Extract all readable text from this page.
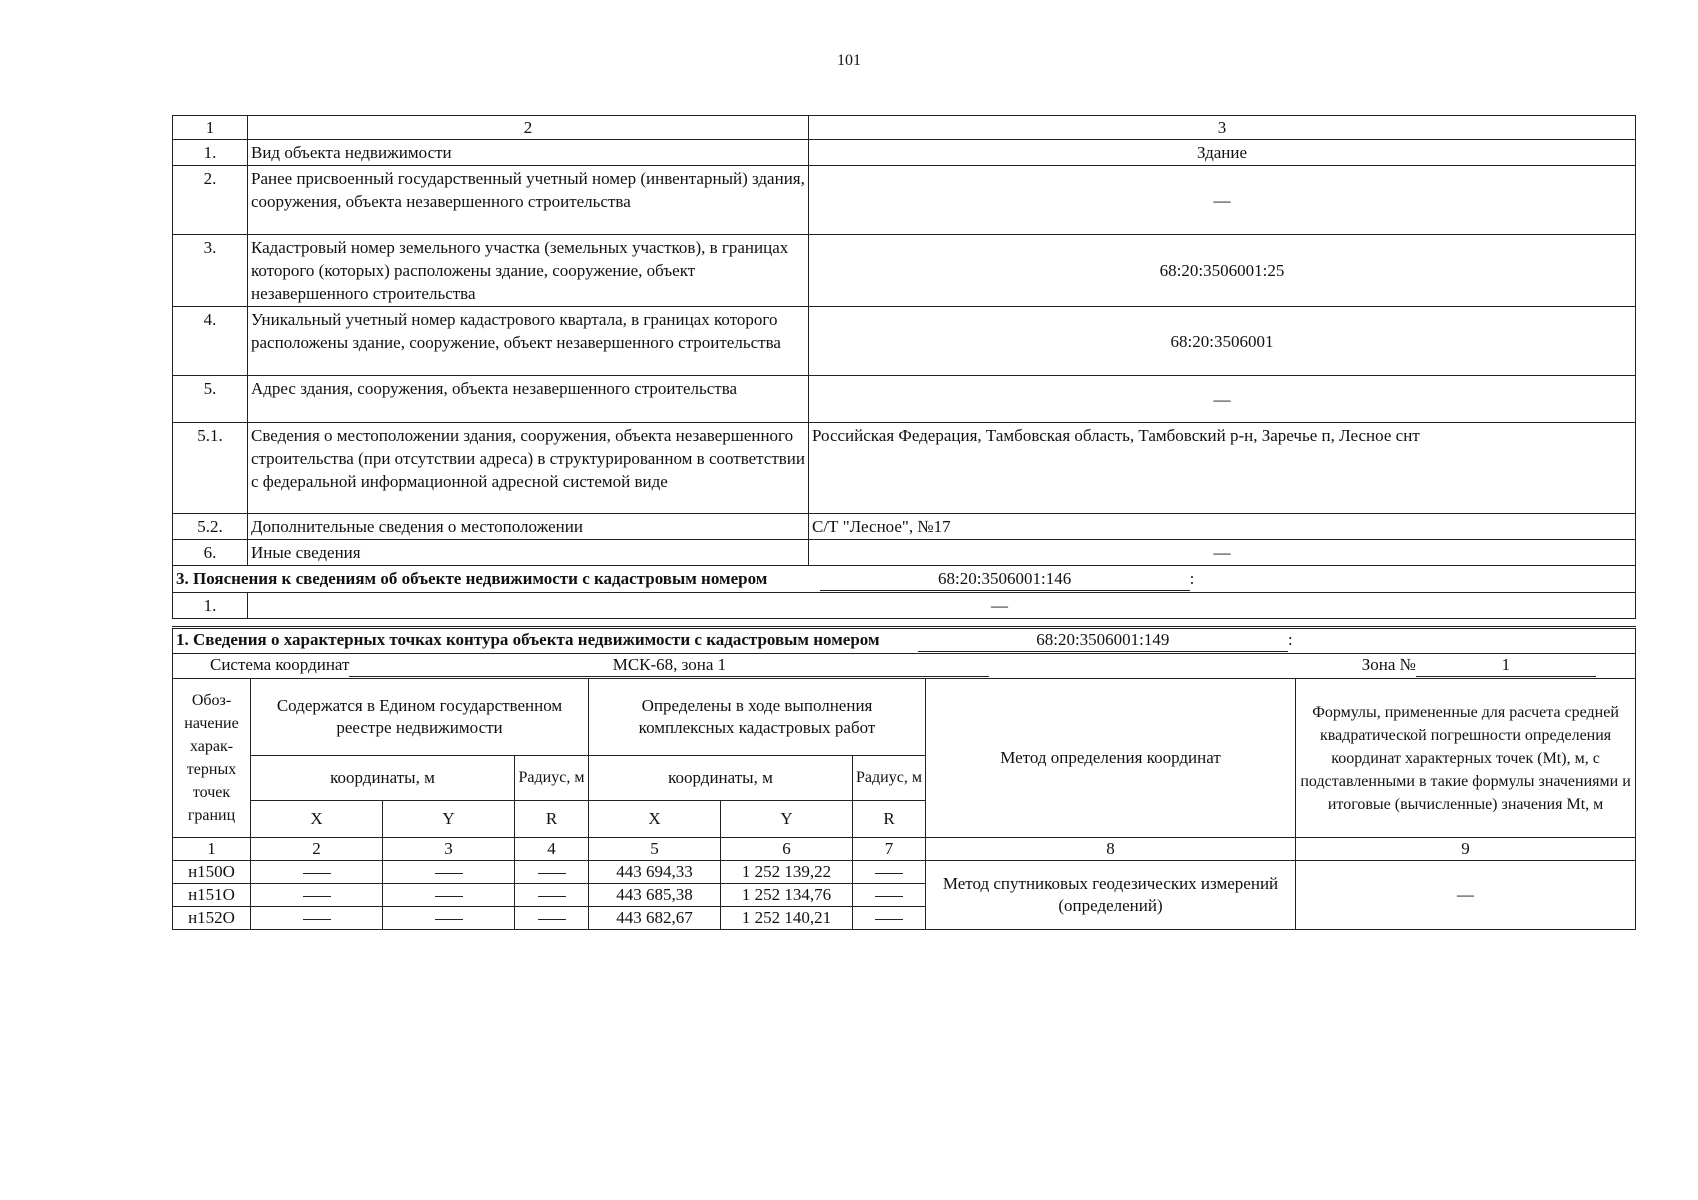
101
1	2	3
1.	Вид объекта недвижимости	Здание
2.	Ранее присвоенный государственный учетный номер (инвентарный) здания, сооружения, объекта незавершенного строительства	—
3.	Кадастровый номер земельного участка (земельных участков), в границах которого (которых) расположены здание, сооружение, объект незавершенного строительства	68:20:3506001:25
4.	Уникальный учетный номер кадастрового квартала, в границах которого расположены здание, сооружение, объект незавершенного строительства	68:20:3506001
5.	Адрес здания, сооружения, объекта незавершенного строительства	—
5.1.	Сведения о местоположении здания, сооружения, объекта незавершенного строительства (при отсутствии адреса) в структурированном в соответствии с федеральной информационной адресной системой виде	Российская Федерация, Тамбовская область, Тамбовский р-н, Заречье п, Лесное снт
5.2.	Дополнительные сведения о местоположении	С/Т "Лесное", №17
6.	Иные сведения	—
3. Пояснения к сведениям об объекте недвижимости с кадастровым номером 68:20:3506001:146 :		
1.	—	
1. Сведения о характерных точках контура объекта недвижимости с кадастровым номером 68:20:3506001:149 :								
Система координат МСК-68, зона 1 Зона № 1								
Обоз-начение харак-терных точек границ	Содержатся в Едином государственном реестре недвижимости			Определены в ходе выполнения комплексных кадастровых работ			Метод определения координат	Формулы, примененные для расчета средней квадратической погрешности определения координат характерных точек (Mt), м, с подставленными в такие формулы значениями и итоговые (вычисленные) значения Mt, м
	координаты, м		Радиус, м	координаты, м		Радиус, м		
	X	Y	R	X	Y	R		
1	2	3	4	5	6	7	8	9
н150О				443 694,33	1 252 139,22		Метод спутниковых геодезических измерений (определений)	—
н151О				443 685,38	1 252 134,76			
н152О				443 682,67	1 252 140,21			
